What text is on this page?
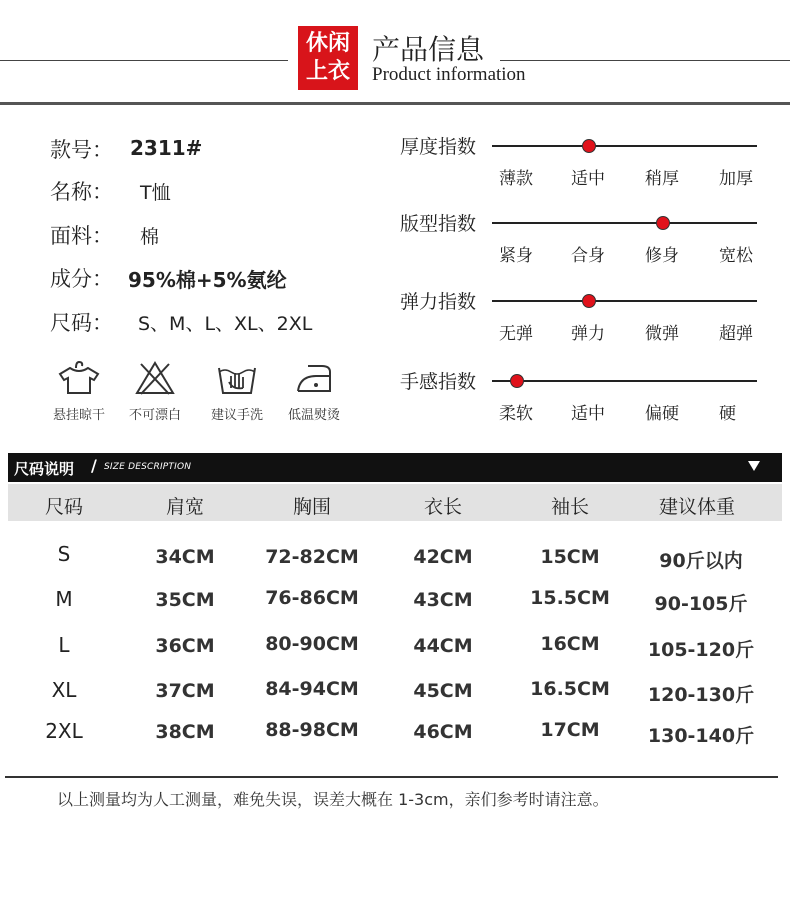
休闲
上衣
产品信息
Product information
款号： 2311#
名称： T恤
面料： 棉
成分： 95%棉+5%氨纶
尺码： S、M、L、XL、2XL
悬挂晾干	不可漂白	建议手洗	低温熨烫
厚度指数
薄款 适中 稍厚 加厚
版型指数
紧身 合身 修身 宽松
弹力指数
无弹 弹力 微弹 超弹
手感指数
柔软 适中 偏硬 硬
尺码说明 / SIZE DESCRIPTION
尺码	肩宽	胸围	衣长	袖长	建议体重
S	34CM	72-82CM	42CM	15CM	90斤以内
M	35CM	76-86CM	43CM	15.5CM	90-105斤
L	36CM	80-90CM	44CM	16CM	105-120斤
XL	37CM	84-94CM	45CM	16.5CM	120-130斤
2XL	38CM	88-98CM	46CM	17CM	130-140斤
以上测量均为人工测量，难免失误，误差大概在 1-3cm，亲们参考时请注意。
